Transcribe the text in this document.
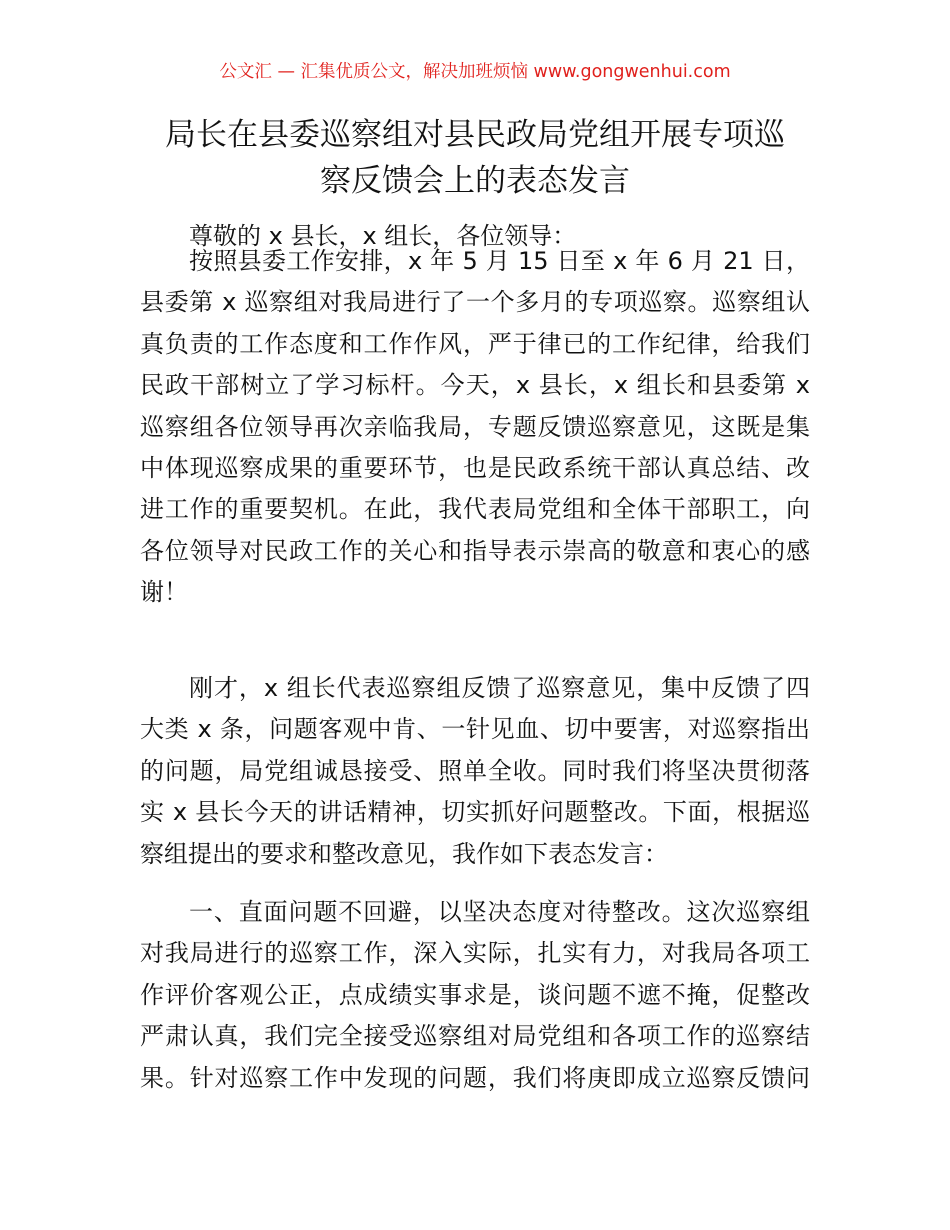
公文汇 — 汇集优质公文，解决加班烦恼 www.gongwenhui.com
局长在县委巡察组对县民政局党组开展专项巡
察反馈会上的表态发言
尊敬的 x 县长，x 组长，各位领导：
按照县委工作安排，x 年 5 月 15 日至 x 年 6 月 21 日，
县委第 x 巡察组对我局进行了一个多月的专项巡察。巡察组认
真负责的工作态度和工作作风，严于律已的工作纪律，给我们
民政干部树立了学习标杆。今天，x 县长，x 组长和县委第 x
巡察组各位领导再次亲临我局，专题反馈巡察意见，这既是集
中体现巡察成果的重要环节，也是民政系统干部认真总结、改
进工作的重要契机。在此，我代表局党组和全体干部职工，向
各位领导对民政工作的关心和指导表示崇高的敬意和衷心的感
谢！
刚才，x 组长代表巡察组反馈了巡察意见，集中反馈了四
大类 x 条，问题客观中肯、一针见血、切中要害，对巡察指出
的问题，局党组诚恳接受、照单全收。同时我们将坚决贯彻落
实 x 县长今天的讲话精神，切实抓好问题整改。下面，根据巡
察组提出的要求和整改意见，我作如下表态发言：
一、直面问题不回避，以坚决态度对待整改。这次巡察组
对我局进行的巡察工作，深入实际，扎实有力，对我局各项工
作评价客观公正，点成绩实事求是，谈问题不遮不掩，促整改
严肃认真，我们完全接受巡察组对局党组和各项工作的巡察结
果。针对巡察工作中发现的问题，我们将庚即成立巡察反馈问
